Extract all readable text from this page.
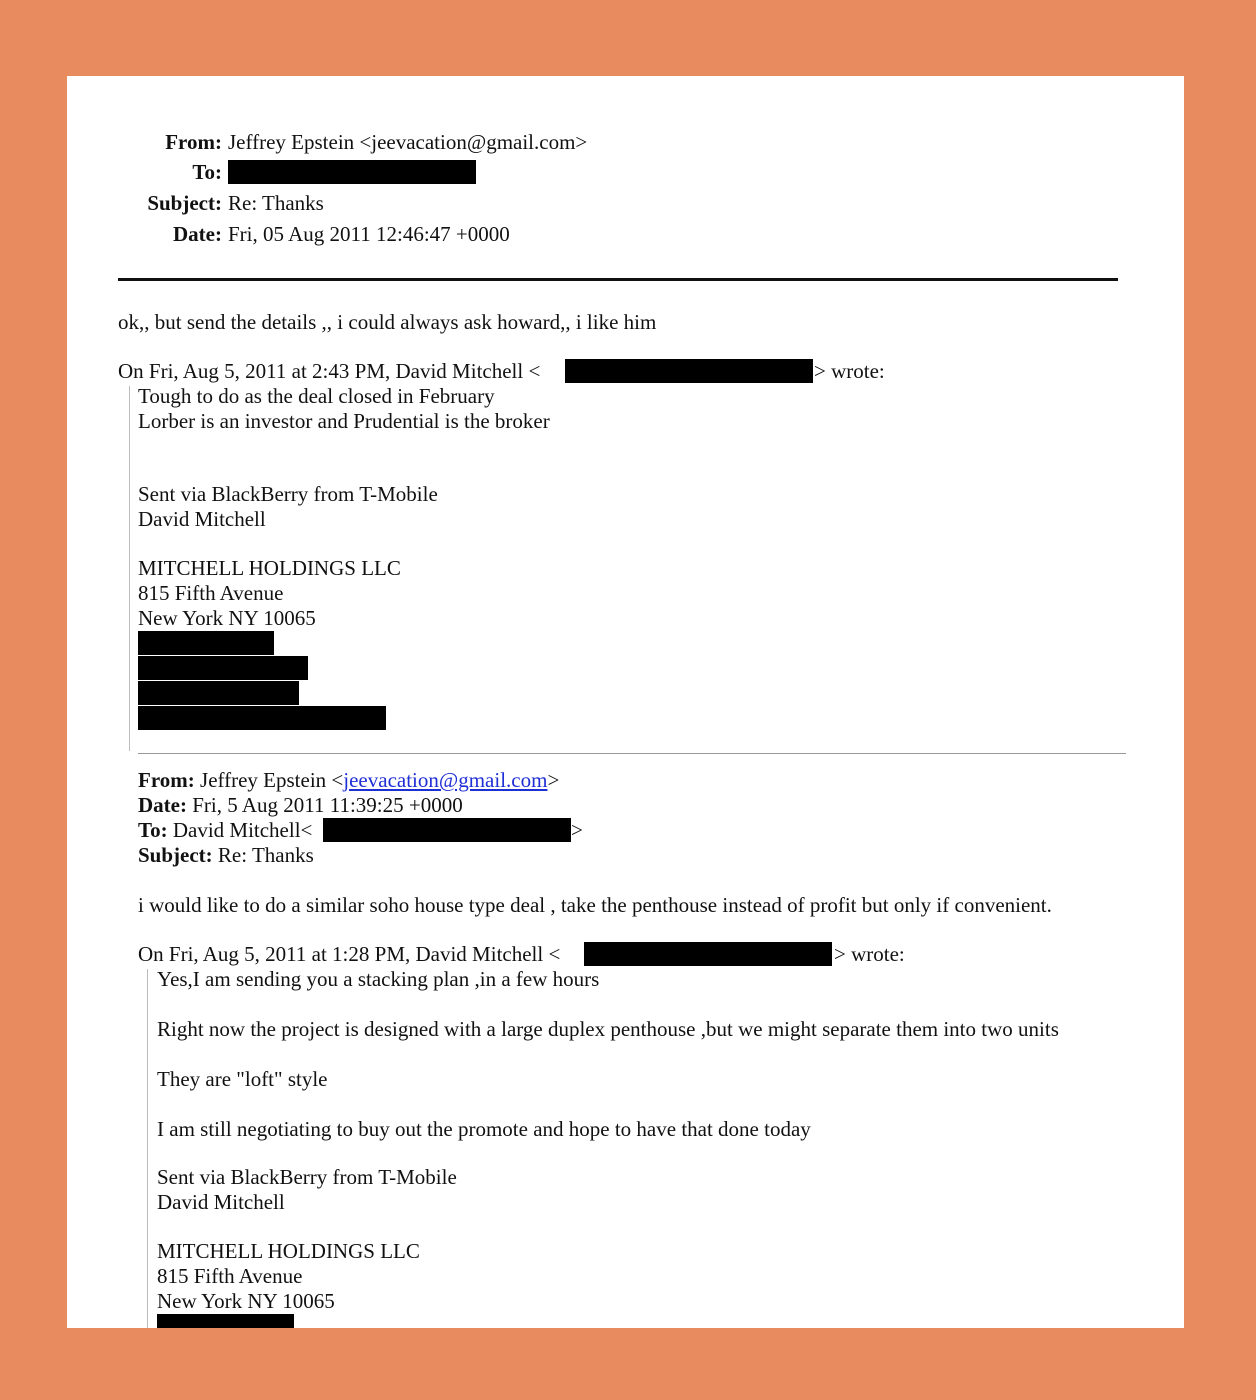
From: Jeffrey Epstein <jeevacation@gmail.com>
To:
Subject: Re: Thanks
Date: Fri, 05 Aug 2011 12:46:47 +0000
ok,, but send the details ,, i could always ask howard,, i like him
On Fri, Aug 5, 2011 at 2:43 PM, David Mitchell <	> wrote:
Tough to do as the deal closed in February
Lorber is an investor and Prudential is the broker
Sent via BlackBerry from T-Mobile
David Mitchell
MITCHELL HOLDINGS LLC
815 Fifth Avenue
New York NY 10065
From: Jeffrey Epstein <jeevacation@gmail.com>
Date: Fri, 5 Aug 2011 11:39:25 +0000
To: David Mitchell<	>
Subject: Re: Thanks
i would like to do a similar soho house type deal , take the penthouse instead of profit but only if convenient.
On Fri, Aug 5, 2011 at 1:28 PM, David Mitchell <	> wrote:
Yes,I am sending you a stacking plan ,in a few hours
Right now the project is designed with a large duplex penthouse ,but we might separate them into two units
They are "loft" style
I am still negotiating to buy out the promote and hope to have that done today
Sent via BlackBerry from T-Mobile
David Mitchell
MITCHELL HOLDINGS LLC
815 Fifth Avenue
New York NY 10065
